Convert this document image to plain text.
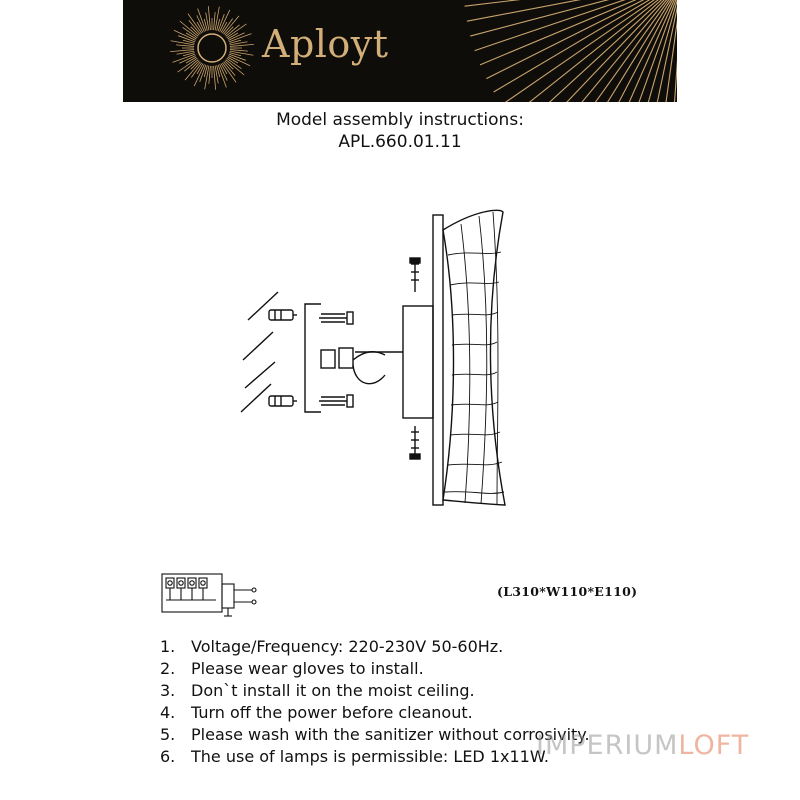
Aployt
Model assembly instructions:
APL.660.01.11
(L310*W110*E110)
1. Voltage/Frequency: 220-230V 50-60Hz.
2. Please wear gloves to install.
3. Don`t install it on the moist ceiling.
4. Turn off the power before cleanout.
5. Please wash with the sanitizer without corrosivity.
6. The use of lamps is permissible: LED 1x11W.
IMPERIUMLOFT
